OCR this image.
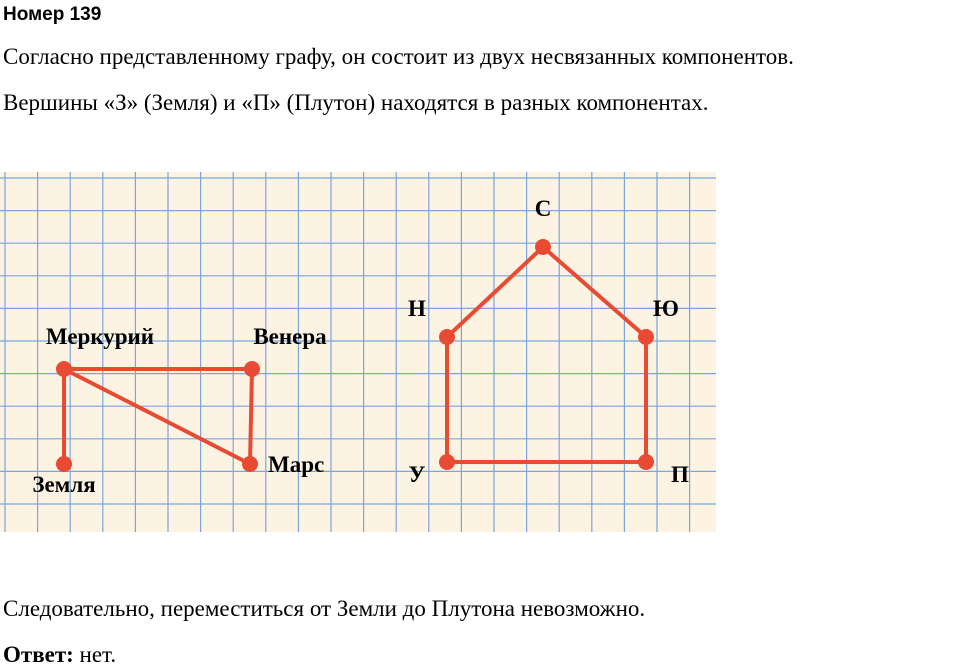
Номер 139

Согласно представленному графу, он состоит из двух несвязанных компонентов.

Вершины «З» (Земля) и «П» (Плутон) находятся в разных компонентах.

Меркурий	Венера
Марс
Земля
С
Н	Ю
У	П

Следовательно, переместиться от Земли до Плутона невозможно.

Ответ: нет.
